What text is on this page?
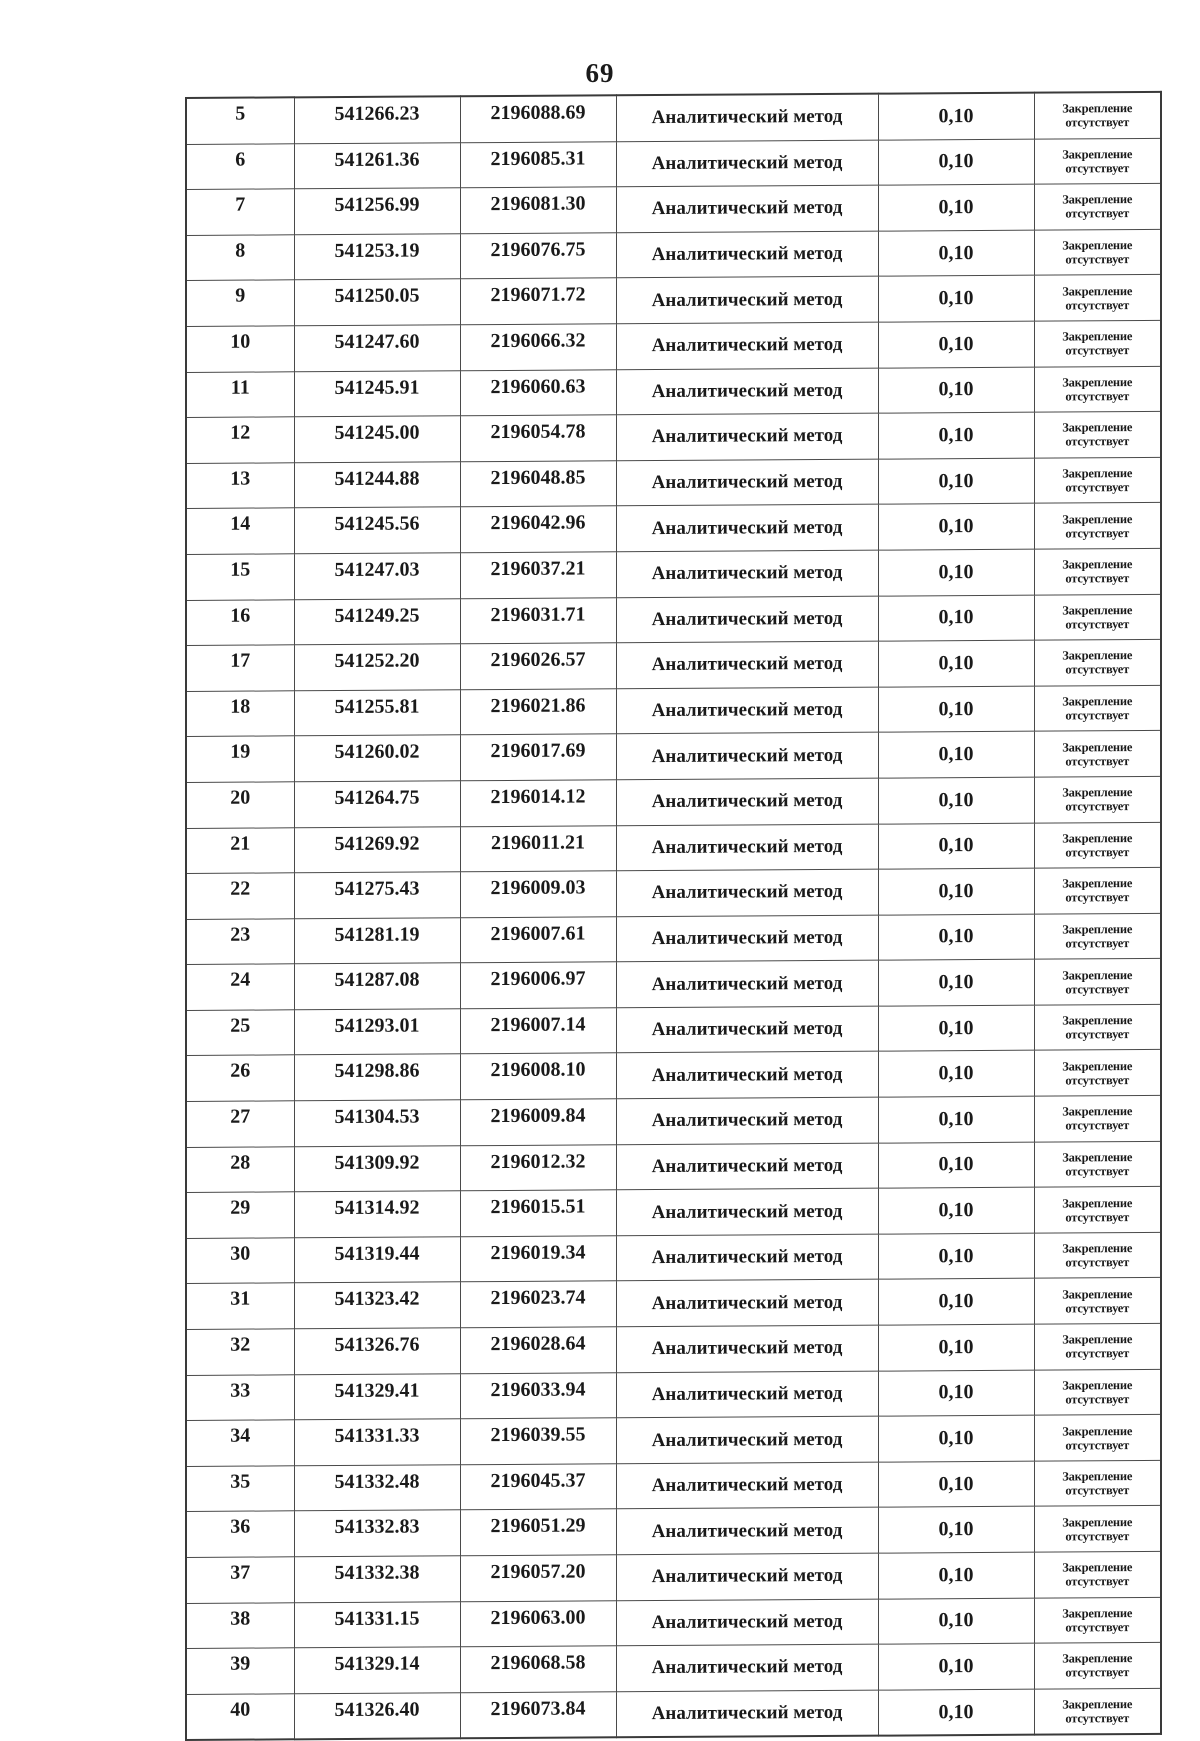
69
5	541266.23	2196088.69	Аналитический метод	0,10	Закрепление
отсутствует

6	541261.36	2196085.31	Аналитический метод	0,10	Закрепление
отсутствует

7	541256.99	2196081.30	Аналитический метод	0,10	Закрепление
отсутствует

8	541253.19	2196076.75	Аналитический метод	0,10	Закрепление
отсутствует

9	541250.05	2196071.72	Аналитический метод	0,10	Закрепление
отсутствует

10	541247.60	2196066.32	Аналитический метод	0,10	Закрепление
отсутствует

11	541245.91	2196060.63	Аналитический метод	0,10	Закрепление
отсутствует

12	541245.00	2196054.78	Аналитический метод	0,10	Закрепление
отсутствует

13	541244.88	2196048.85	Аналитический метод	0,10	Закрепление
отсутствует

14	541245.56	2196042.96	Аналитический метод	0,10	Закрепление
отсутствует

15	541247.03	2196037.21	Аналитический метод	0,10	Закрепление
отсутствует

16	541249.25	2196031.71	Аналитический метод	0,10	Закрепление
отсутствует

17	541252.20	2196026.57	Аналитический метод	0,10	Закрепление
отсутствует

18	541255.81	2196021.86	Аналитический метод	0,10	Закрепление
отсутствует

19	541260.02	2196017.69	Аналитический метод	0,10	Закрепление
отсутствует

20	541264.75	2196014.12	Аналитический метод	0,10	Закрепление
отсутствует

21	541269.92	2196011.21	Аналитический метод	0,10	Закрепление
отсутствует

22	541275.43	2196009.03	Аналитический метод	0,10	Закрепление
отсутствует

23	541281.19	2196007.61	Аналитический метод	0,10	Закрепление
отсутствует

24	541287.08	2196006.97	Аналитический метод	0,10	Закрепление
отсутствует

25	541293.01	2196007.14	Аналитический метод	0,10	Закрепление
отсутствует

26	541298.86	2196008.10	Аналитический метод	0,10	Закрепление
отсутствует

27	541304.53	2196009.84	Аналитический метод	0,10	Закрепление
отсутствует

28	541309.92	2196012.32	Аналитический метод	0,10	Закрепление
отсутствует

29	541314.92	2196015.51	Аналитический метод	0,10	Закрепление
отсутствует

30	541319.44	2196019.34	Аналитический метод	0,10	Закрепление
отсутствует

31	541323.42	2196023.74	Аналитический метод	0,10	Закрепление
отсутствует

32	541326.76	2196028.64	Аналитический метод	0,10	Закрепление
отсутствует

33	541329.41	2196033.94	Аналитический метод	0,10	Закрепление
отсутствует

34	541331.33	2196039.55	Аналитический метод	0,10	Закрепление
отсутствует

35	541332.48	2196045.37	Аналитический метод	0,10	Закрепление
отсутствует

36	541332.83	2196051.29	Аналитический метод	0,10	Закрепление
отсутствует

37	541332.38	2196057.20	Аналитический метод	0,10	Закрепление
отсутствует

38	541331.15	2196063.00	Аналитический метод	0,10	Закрепление
отсутствует

39	541329.14	2196068.58	Аналитический метод	0,10	Закрепление
отсутствует

40	541326.40	2196073.84	Аналитический метод	0,10	Закрепление
отсутствует
